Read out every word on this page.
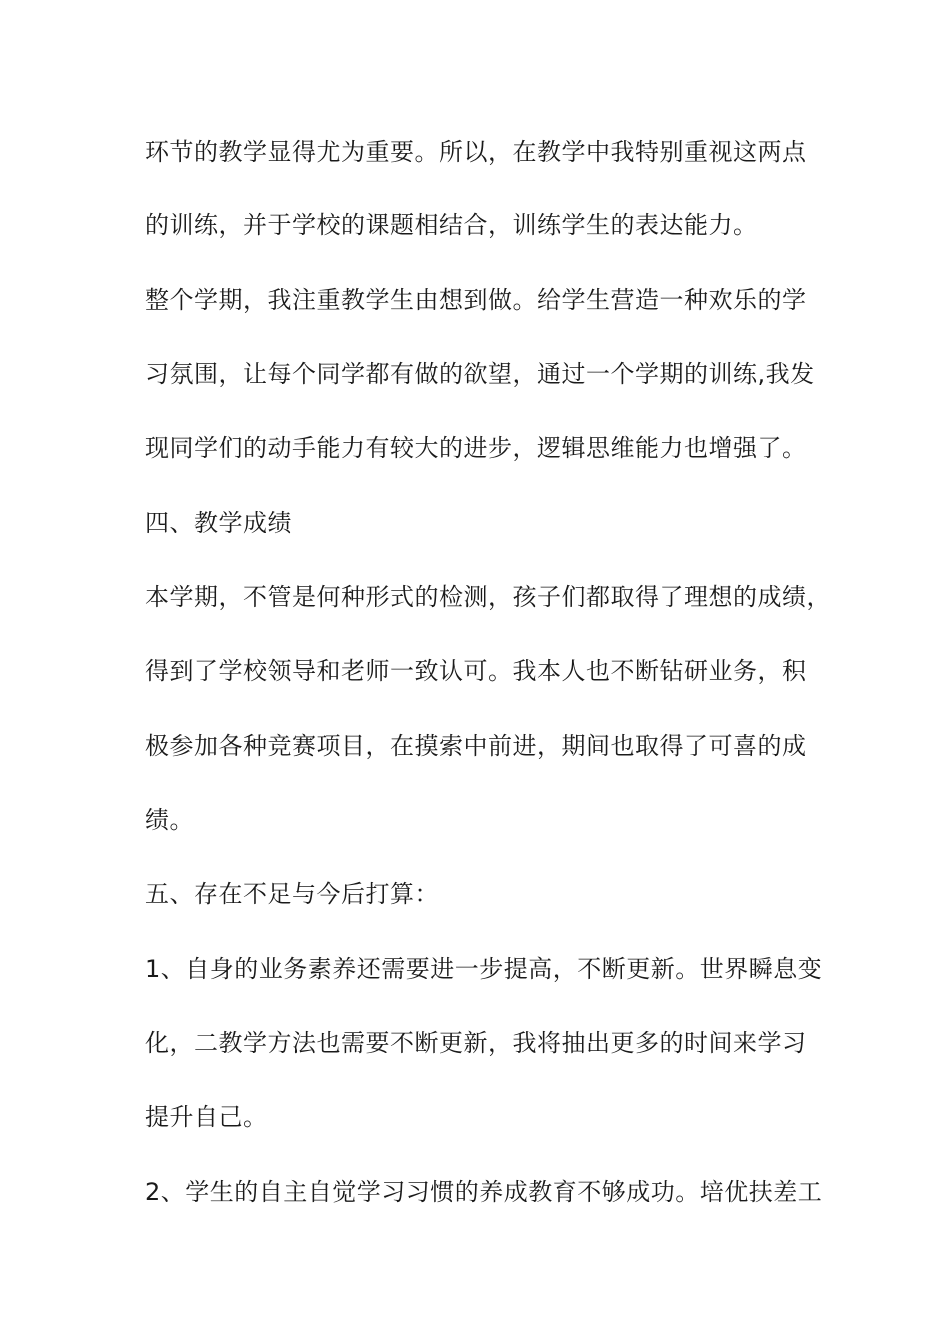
环节的教学显得尤为重要。所以，在教学中我特别重视这两点

的训练，并于学校的课题相结合，训练学生的表达能力。

整个学期，我注重教学生由想到做。给学生营造一种欢乐的学

习氛围，让每个同学都有做的欲望，通过一个学期的训练,我发

现同学们的动手能力有较大的进步，逻辑思维能力也增强了。

四、教学成绩

本学期，不管是何种形式的检测，孩子们都取得了理想的成绩，

得到了学校领导和老师一致认可。我本人也不断钻研业务，积

极参加各种竞赛项目，在摸索中前进，期间也取得了可喜的成

绩。

五、存在不足与今后打算：

1、自身的业务素养还需要进一步提高，不断更新。世界瞬息变

化，二教学方法也需要不断更新，我将抽出更多的时间来学习

提升自己。

2、学生的自主自觉学习习惯的养成教育不够成功。培优扶差工
